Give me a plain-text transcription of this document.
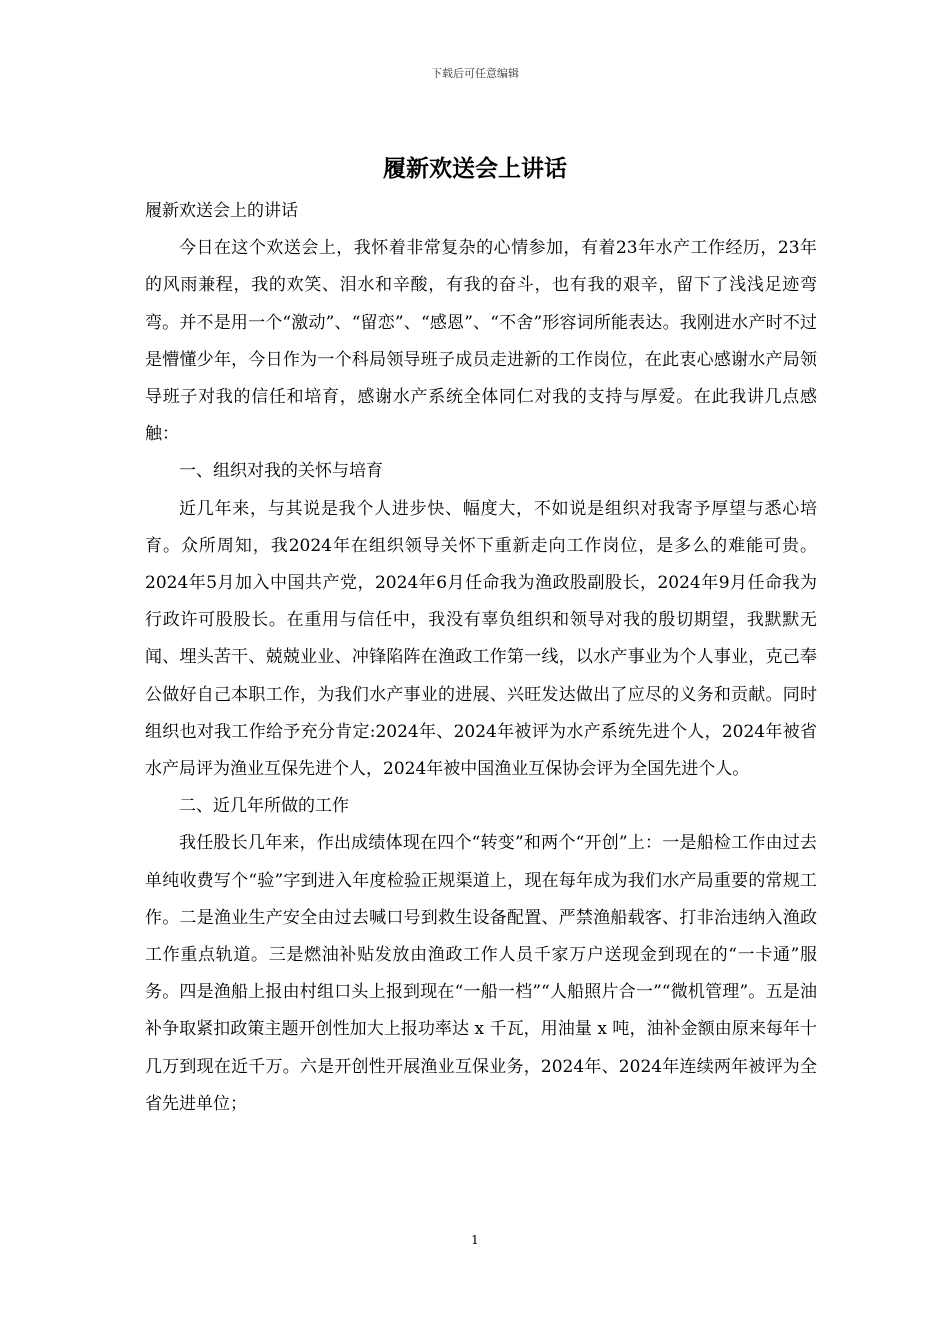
下载后可任意编辑
履新欢送会上讲话

履新欢送会上的讲话

今日在这个欢送会上，我怀着非常复杂的心情参加，有着23年水产工作经历，23年的风雨兼程，我的欢笑、泪水和辛酸，有我的奋斗，也有我的艰辛，留下了浅浅足迹弯弯。并不是用一个“激动”、“留恋”、“感恩”、“不舍”形容词所能表达。我刚进水产时不过是懵懂少年，今日作为一个科局领导班子成员走进新的工作岗位，在此衷心感谢水产局领导班子对我的信任和培育，感谢水产系统全体同仁对我的支持与厚爱。在此我讲几点感触：

一、组织对我的关怀与培育

近几年来，与其说是我个人进步快、幅度大，不如说是组织对我寄予厚望与悉心培育。众所周知，我2024年在组织领导关怀下重新走向工作岗位，是多么的难能可贵。2024年5月加入中国共产党，2024年6月任命我为渔政股副股长，2024年9月任命我为行政许可股股长。在重用与信任中，我没有辜负组织和领导对我的殷切期望，我默默无闻、埋头苦干、兢兢业业、冲锋陷阵在渔政工作第一线，以水产事业为个人事业，克己奉公做好自己本职工作，为我们水产事业的进展、兴旺发达做出了应尽的义务和贡献。同时组织也对我工作给予充分肯定:2024年、2024年被评为水产系统先进个人，2024年被省水产局评为渔业互保先进个人，2024年被中国渔业互保协会评为全国先进个人。

二、近几年所做的工作

我任股长几年来，作出成绩体现在四个“转变”和两个“开创”上：一是船检工作由过去单纯收费写个“验”字到进入年度检验正规渠道上，现在每年成为我们水产局重要的常规工作。二是渔业生产安全由过去喊口号到救生设备配置、严禁渔船载客、打非治违纳入渔政工作重点轨道。三是燃油补贴发放由渔政工作人员千家万户送现金到现在的“一卡通”服务。四是渔船上报由村组口头上报到现在“一船一档”“人船照片合一”“微机管理”。五是油补争取紧扣政策主题开创性加大上报功率达 x 千瓦，用油量 x 吨，油补金额由原来每年十几万到现在近千万。六是开创性开展渔业互保业务，2024年、2024年连续两年被评为全省先进单位；

1
